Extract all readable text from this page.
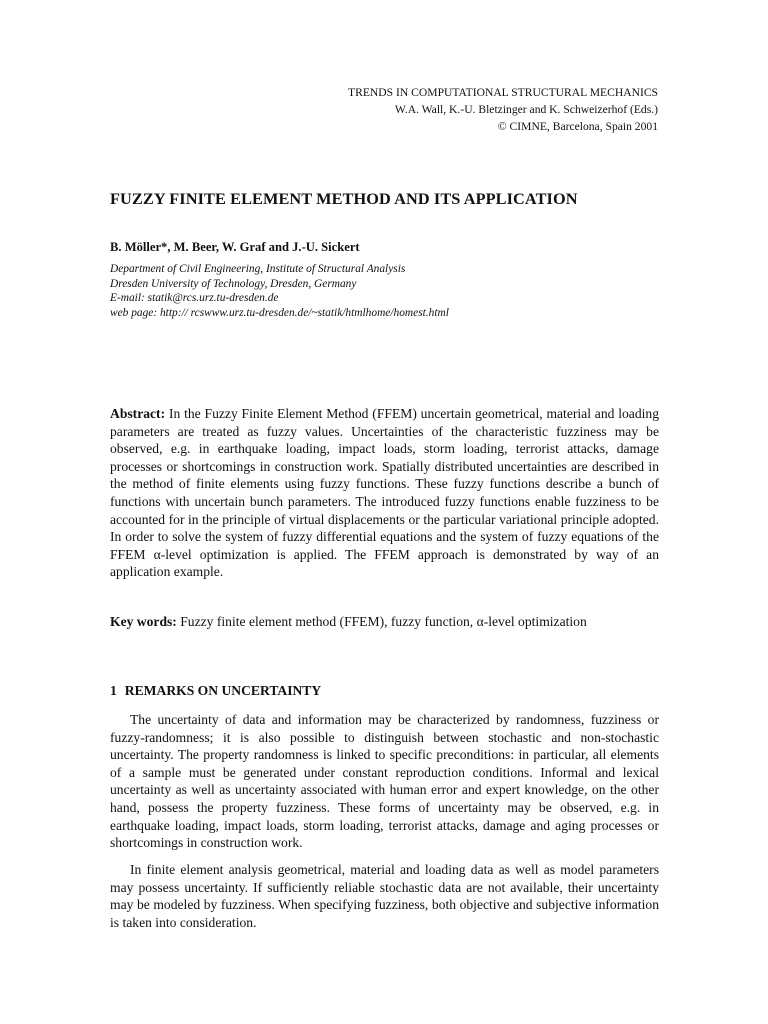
TRENDS IN COMPUTATIONAL STRUCTURAL MECHANICS
W.A. Wall, K.-U. Bletzinger and K. Schweizerhof (Eds.)
© CIMNE, Barcelona, Spain 2001
FUZZY FINITE ELEMENT METHOD AND ITS APPLICATION
B. Möller*, M. Beer, W. Graf and J.-U. Sickert
Department of Civil Engineering, Institute of Structural Analysis
Dresden University of Technology, Dresden, Germany
E-mail: statik@rcs.urz.tu-dresden.de
web page: http:// rcswww.urz.tu-dresden.de/~statik/htmlhome/homest.html

Abstract: In the Fuzzy Finite Element Method (FFEM) uncertain geometrical, material and loading parameters are treated as fuzzy values. Uncertainties of the characteristic fuzziness may be observed, e.g. in earthquake loading, impact loads, storm loading, terrorist attacks, damage processes or shortcomings in construction work. Spatially distributed uncertainties are described in the method of finite elements using fuzzy functions. These fuzzy functions describe a bunch of functions with uncertain bunch parameters. The introduced fuzzy functions enable fuzziness to be accounted for in the principle of virtual displacements or the particular variational principle adopted. In order to solve the system of fuzzy differential equations and the system of fuzzy equations of the FFEM α-level optimization is applied. The FFEM approach is demonstrated by way of an application example.

Key words: Fuzzy finite element method (FFEM), fuzzy function, α-level optimization

1 REMARKS ON UNCERTAINTY

The uncertainty of data and information may be characterized by randomness, fuzziness or fuzzy-randomness; it is also possible to distinguish between stochastic and non-stochastic uncertainty. The property randomness is linked to specific preconditions: in particular, all elements of a sample must be generated under constant reproduction conditions. Informal and lexical uncertainty as well as uncertainty associated with human error and expert knowledge, on the other hand, possess the property fuzziness. These forms of uncertainty may be observed, e.g. in earthquake loading, impact loads, storm loading, terrorist attacks, damage and aging processes or shortcomings in construction work.

In finite element analysis geometrical, material and loading data as well as model parameters may possess uncertainty. If sufficiently reliable stochastic data are not available, their uncertainty may be modeled by fuzziness. When specifying fuzziness, both objective and subjective information is taken into consideration.
